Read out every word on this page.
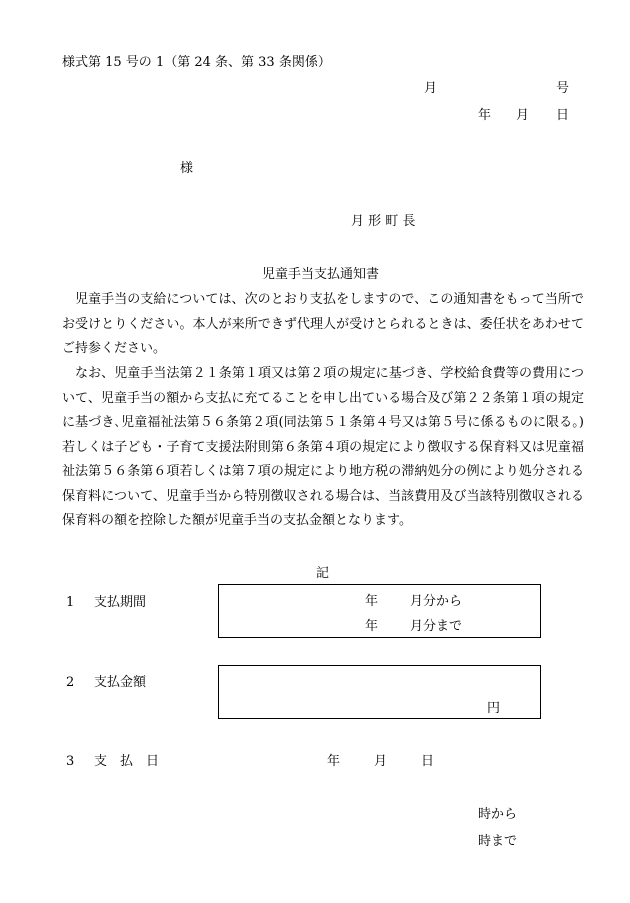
様式第 15 号の 1（第 24 条、第 33 条関係）
月	号
年 月 日
様
月 形 町 長
児童手当支払通知書

児童手当の支給については、次のとおり支払をしますので、この通知書をもって当所でお受けとりください。本人が来所できず代理人が受けとられるときは、委任状をあわせてご持参ください。

なお、児童手当法第２１条第１項又は第２項の規定に基づき、学校給食費等の費用について、児童手当の額から支払に充てることを申し出ている場合及び第２２条第１項の規定に基づき､児童福祉法第５６条第２項(同法第５１条第４号又は第５号に係るものに限る。)若しくは子ども・子育て支援法附則第６条第４項の規定により徴収する保育料又は児童福祉法第５６条第６項若しくは第７項の規定により地方税の滞納処分の例により処分される保育料について、児童手当から特別徴収される場合は、当該費用及び当該特別徴収される保育料の額を控除した額が児童手当の支払金額となります。

記
1 支払期間	年 月分から
年 月分まで
2 支払金額
円
3 支　払　日	年	月	日
時から
時まで
